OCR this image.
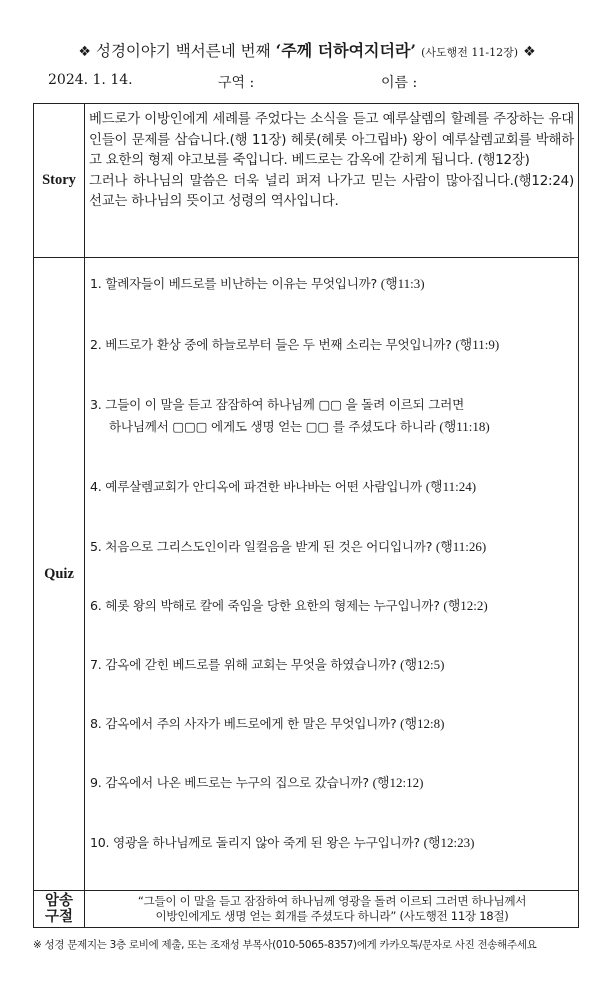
❖ 성경이야기 백서른네 번째 ‘주께 더하여지더라’ (사도행전 11-12장) ❖
2024. 1. 14.	구역 :	이름 :
Story

베드로가 이방인에게 세례를 주었다는 소식을 듣고 예루살렘의 할례를 주장하는 유대인들이 문제를 삼습니다.(행 11장) 헤롯(헤롯 아그립바) 왕이 예루살렘교회를 박해하고 요한의 형제 야고보를 죽입니다. 베드로는 감옥에 갇히게 됩니다. (행12장)

그러나 하나님의 말씀은 더욱 널리 퍼져 나가고 믿는 사람이 많아집니다.(행12:24) 선교는 하나님의 뜻이고 성령의 역사입니다.

Quiz
1. 할례자들이 베드로를 비난하는 이유는 무엇입니까? (행11:3)
2. 베드로가 환상 중에 하늘로부터 들은 두 번째 소리는 무엇입니까? (행11:9)
3. 그들이 이 말을 듣고 잠잠하여 하나님께 ▢▢ 을 돌려 이르되 그러면
하나님께서 ▢▢▢ 에게도 생명 얻는 ▢▢ 를 주셨도다 하니라 (행11:18)
4. 예루살렘교회가 안디옥에 파견한 바나바는 어떤 사람입니까 (행11:24)
5. 처음으로 그리스도인이라 일컬음을 받게 된 것은 어디입니까? (행11:26)
6. 헤롯 왕의 박해로 칼에 죽임을 당한 요한의 형제는 누구입니까? (행12:2)
7. 감옥에 갇힌 베드로를 위해 교회는 무엇을 하였습니까? (행12:5)
8. 감옥에서 주의 사자가 베드로에게 한 말은 무엇입니까? (행12:8)
9. 감옥에서 나온 베드로는 누구의 집으로 갔습니까? (행12:12)
10. 영광을 하나님께로 돌리지 않아 죽게 된 왕은 누구입니까? (행12:23)
암송
구절
“그들이 이 말을 듣고 잠잠하여 하나님께 영광을 돌려 이르되 그러면 하나님께서
이방인에게도 생명 얻는 회개를 주셨도다 하니라” (사도행전 11장 18절)
※ 성경 문제지는 3층 로비에 제출, 또는 조재성 부목사(010-5065-8357)에게 카카오톡/문자로 사진 전송해주세요
